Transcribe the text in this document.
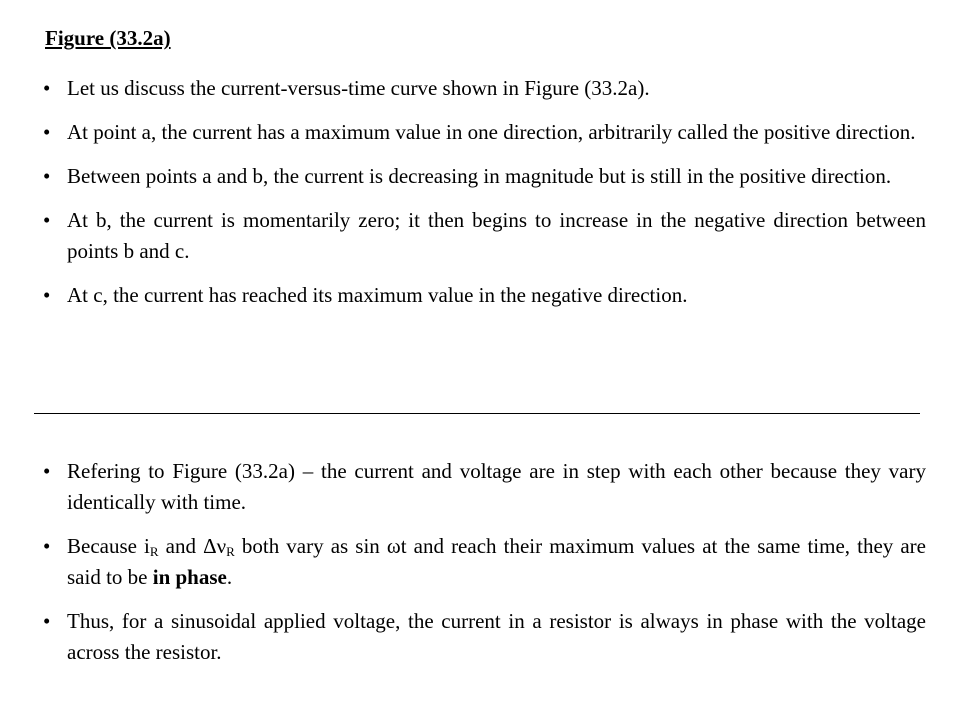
Figure (33.2a)
• Let us discuss the current-versus-time curve shown in Figure (33.2a).
• At point a, the current has a maximum value in one direction, arbitrarily called the positive direction.
• Between points a and b, the current is decreasing in magnitude but is still in the positive direction.
• At b, the current is momentarily zero; it then begins to increase in the negative direction between points b and c.
• At c, the current has reached its maximum value in the negative direction.
• Refering to Figure (33.2a) – the current and voltage are in step with each other because they vary identically with time.
• Because $i_R$ and $\Delta\nu_R$ both vary as sin ωt and reach their maximum values at the same time, they are said to be in phase.
• Thus, for a sinusoidal applied voltage, the current in a resistor is always in phase with the voltage across the resistor.
